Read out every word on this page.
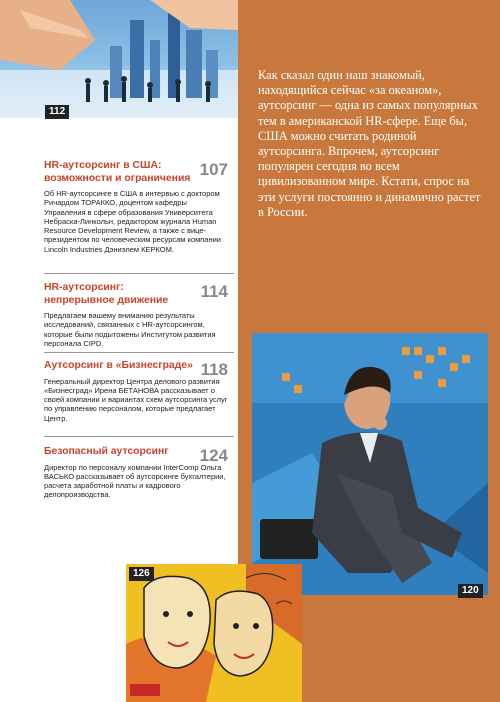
112

Как сказал один наш знакомый, находящийся сейчас «за океаном», аутсорсинг — одна из самых популярных тем в американской HR-сфере. Еще бы, США можно считать родиной аутсорсинга. Впрочем, аутсорсинг популярен сегодня во всем цивилизованном мире. Кстати, спрос на эти услуги постоянно и динамично растет в России.

107

HR-аутсорсинг в США: возможности и ограничения

Об HR-аутсорсинге в США в интервью с доктором Ричардом ТОРАККО, доцентом кафедры Управления в сфере образования Университета Небраска-Линкольн, редактором журнала Human Resource Development Review, а также с вице-президентом по человеческим ресурсам компании Lincoln Industries Дэниэлем КЕРКОМ.

114

HR-аутсорсинг: непрерывное движение

Предлагаем вашему вниманию результаты исследований, связанных с HR-аутсорсингом, которые были подытожены Институтом развития персонала CIPD.

118

Аутсорсинг в «Бизнесграде»

Генеральный директор Центра делового развития «Бизнесград» Ирена БЕТАНОВА рассказывает о своей компании и вариантах схем аутсорсинга услуг по управлению персоналом, которые предлагает Центр.

124

Безопасный аутсорсинг

Директор по персоналу компании InterComp Ольга ВАСЬКО рассказывает об аутсорсинге бухгалтерии, расчета заработной платы и кадрового делопроизводства.

120
126
